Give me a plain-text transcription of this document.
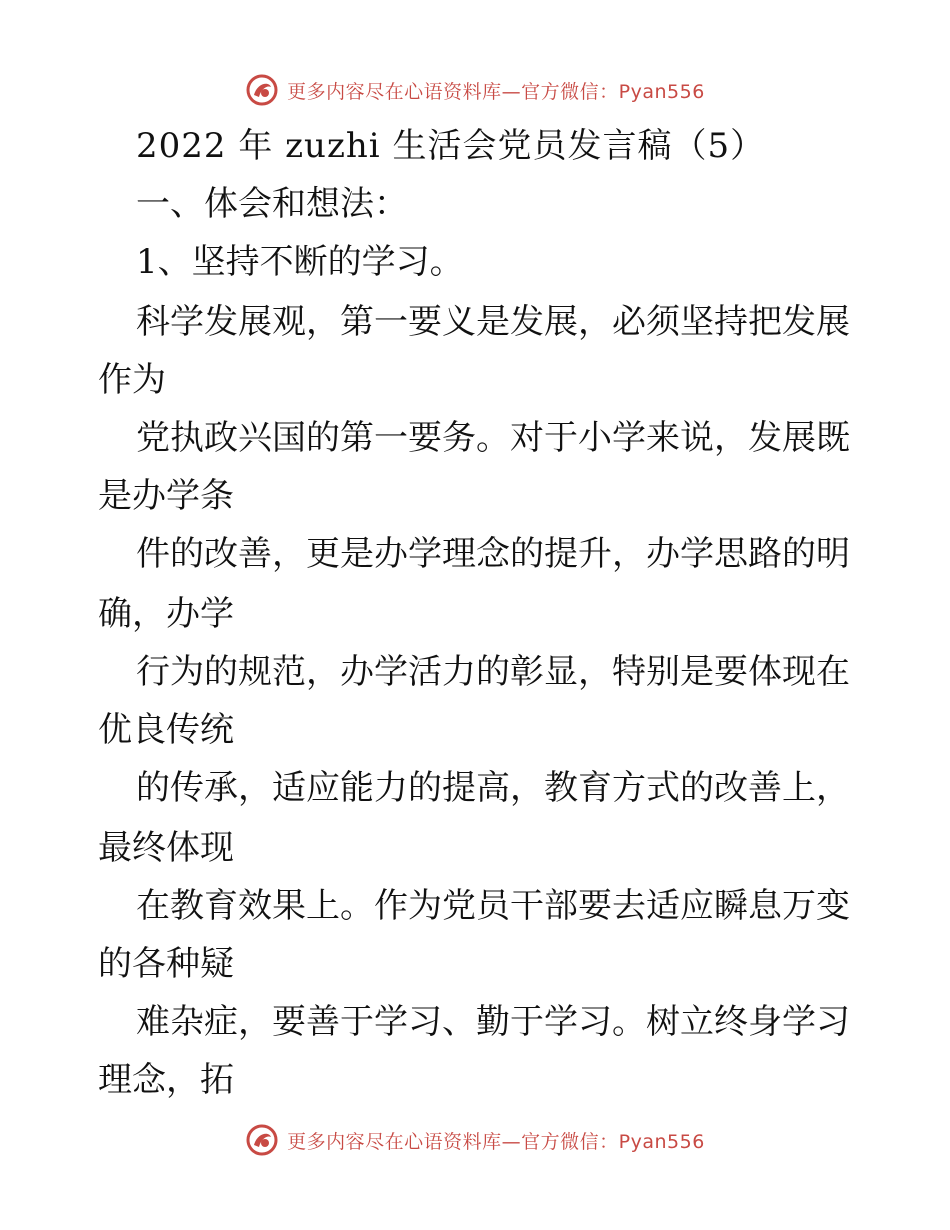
更多内容尽在心语资料库—官方微信：Pyan556
2022 年 zuzhi 生活会党员发言稿（5）
一、体会和想法：
1、坚持不断的学习。
科学发展观，第一要义是发展，必须坚持把发展
作为
党执政兴国的第一要务。对于小学来说，发展既
是办学条
件的改善，更是办学理念的提升，办学思路的明
确，办学
行为的规范，办学活力的彰显，特别是要体现在
优良传统
的传承，适应能力的提高，教育方式的改善上，
最终体现
在教育效果上。作为党员干部要去适应瞬息万变
的各种疑
难杂症，要善于学习、勤于学习。树立终身学习
理念，拓
更多内容尽在心语资料库—官方微信：Pyan556
